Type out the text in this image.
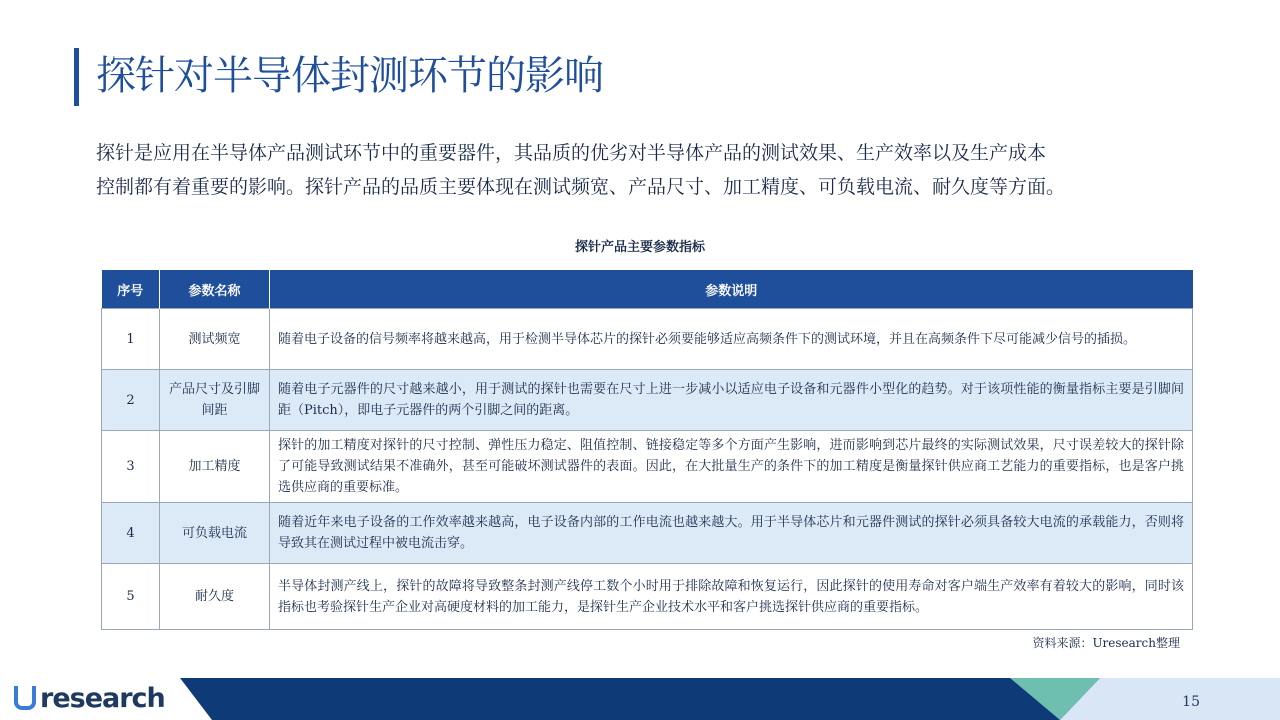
探针对半导体封测环节的影响

探针是应用在半导体产品测试环节中的重要器件，其品质的优劣对半导体产品的测试效果、生产效率以及生产成本

控制都有着重要的影响。探针产品的品质主要体现在测试频宽、产品尺寸、加工精度、可负载电流、耐久度等方面。

探针产品主要参数指标
序号	参数名称	参数说明
1	测试频宽	随着电子设备的信号频率将越来越高，用于检测半导体芯片的探针必须要能够适应高频条件下的测试环境，并且在高频条件下尽可能减少信号的插损。
2	产品尺寸及引脚间距	随着电子元器件的尺寸越来越小，用于测试的探针也需要在尺寸上进一步减小以适应电子设备和元器件小型化的趋势。对于该项性能的衡量指标主要是引脚间距（Pitch），即电子元器件的两个引脚之间的距离。
3	加工精度	探针的加工精度对探针的尺寸控制、弹性压力稳定、阻值控制、链接稳定等多个方面产生影响，进而影响到芯片最终的实际测试效果，尺寸误差较大的探针除了可能导致测试结果不准确外，甚至可能破坏测试器件的表面。因此，在大批量生产的条件下的加工精度是衡量探针供应商工艺能力的重要指标，也是客户挑选供应商的重要标准。
4	可负载电流	随着近年来电子设备的工作效率越来越高，电子设备内部的工作电流也越来越大。用于半导体芯片和元器件测试的探针必须具备较大电流的承载能力，否则将导致其在测试过程中被电流击穿。
5	耐久度	半导体封测产线上，探针的故障将导致整条封测产线停工数个小时用于排除故障和恢复运行，因此探针的使用寿命对客户端生产效率有着较大的影响，同时该指标也考验探针生产企业对高硬度材料的加工能力，是探针生产企业技术水平和客户挑选探针供应商的重要指标。
资料来源：Uresearch整理
research	15
